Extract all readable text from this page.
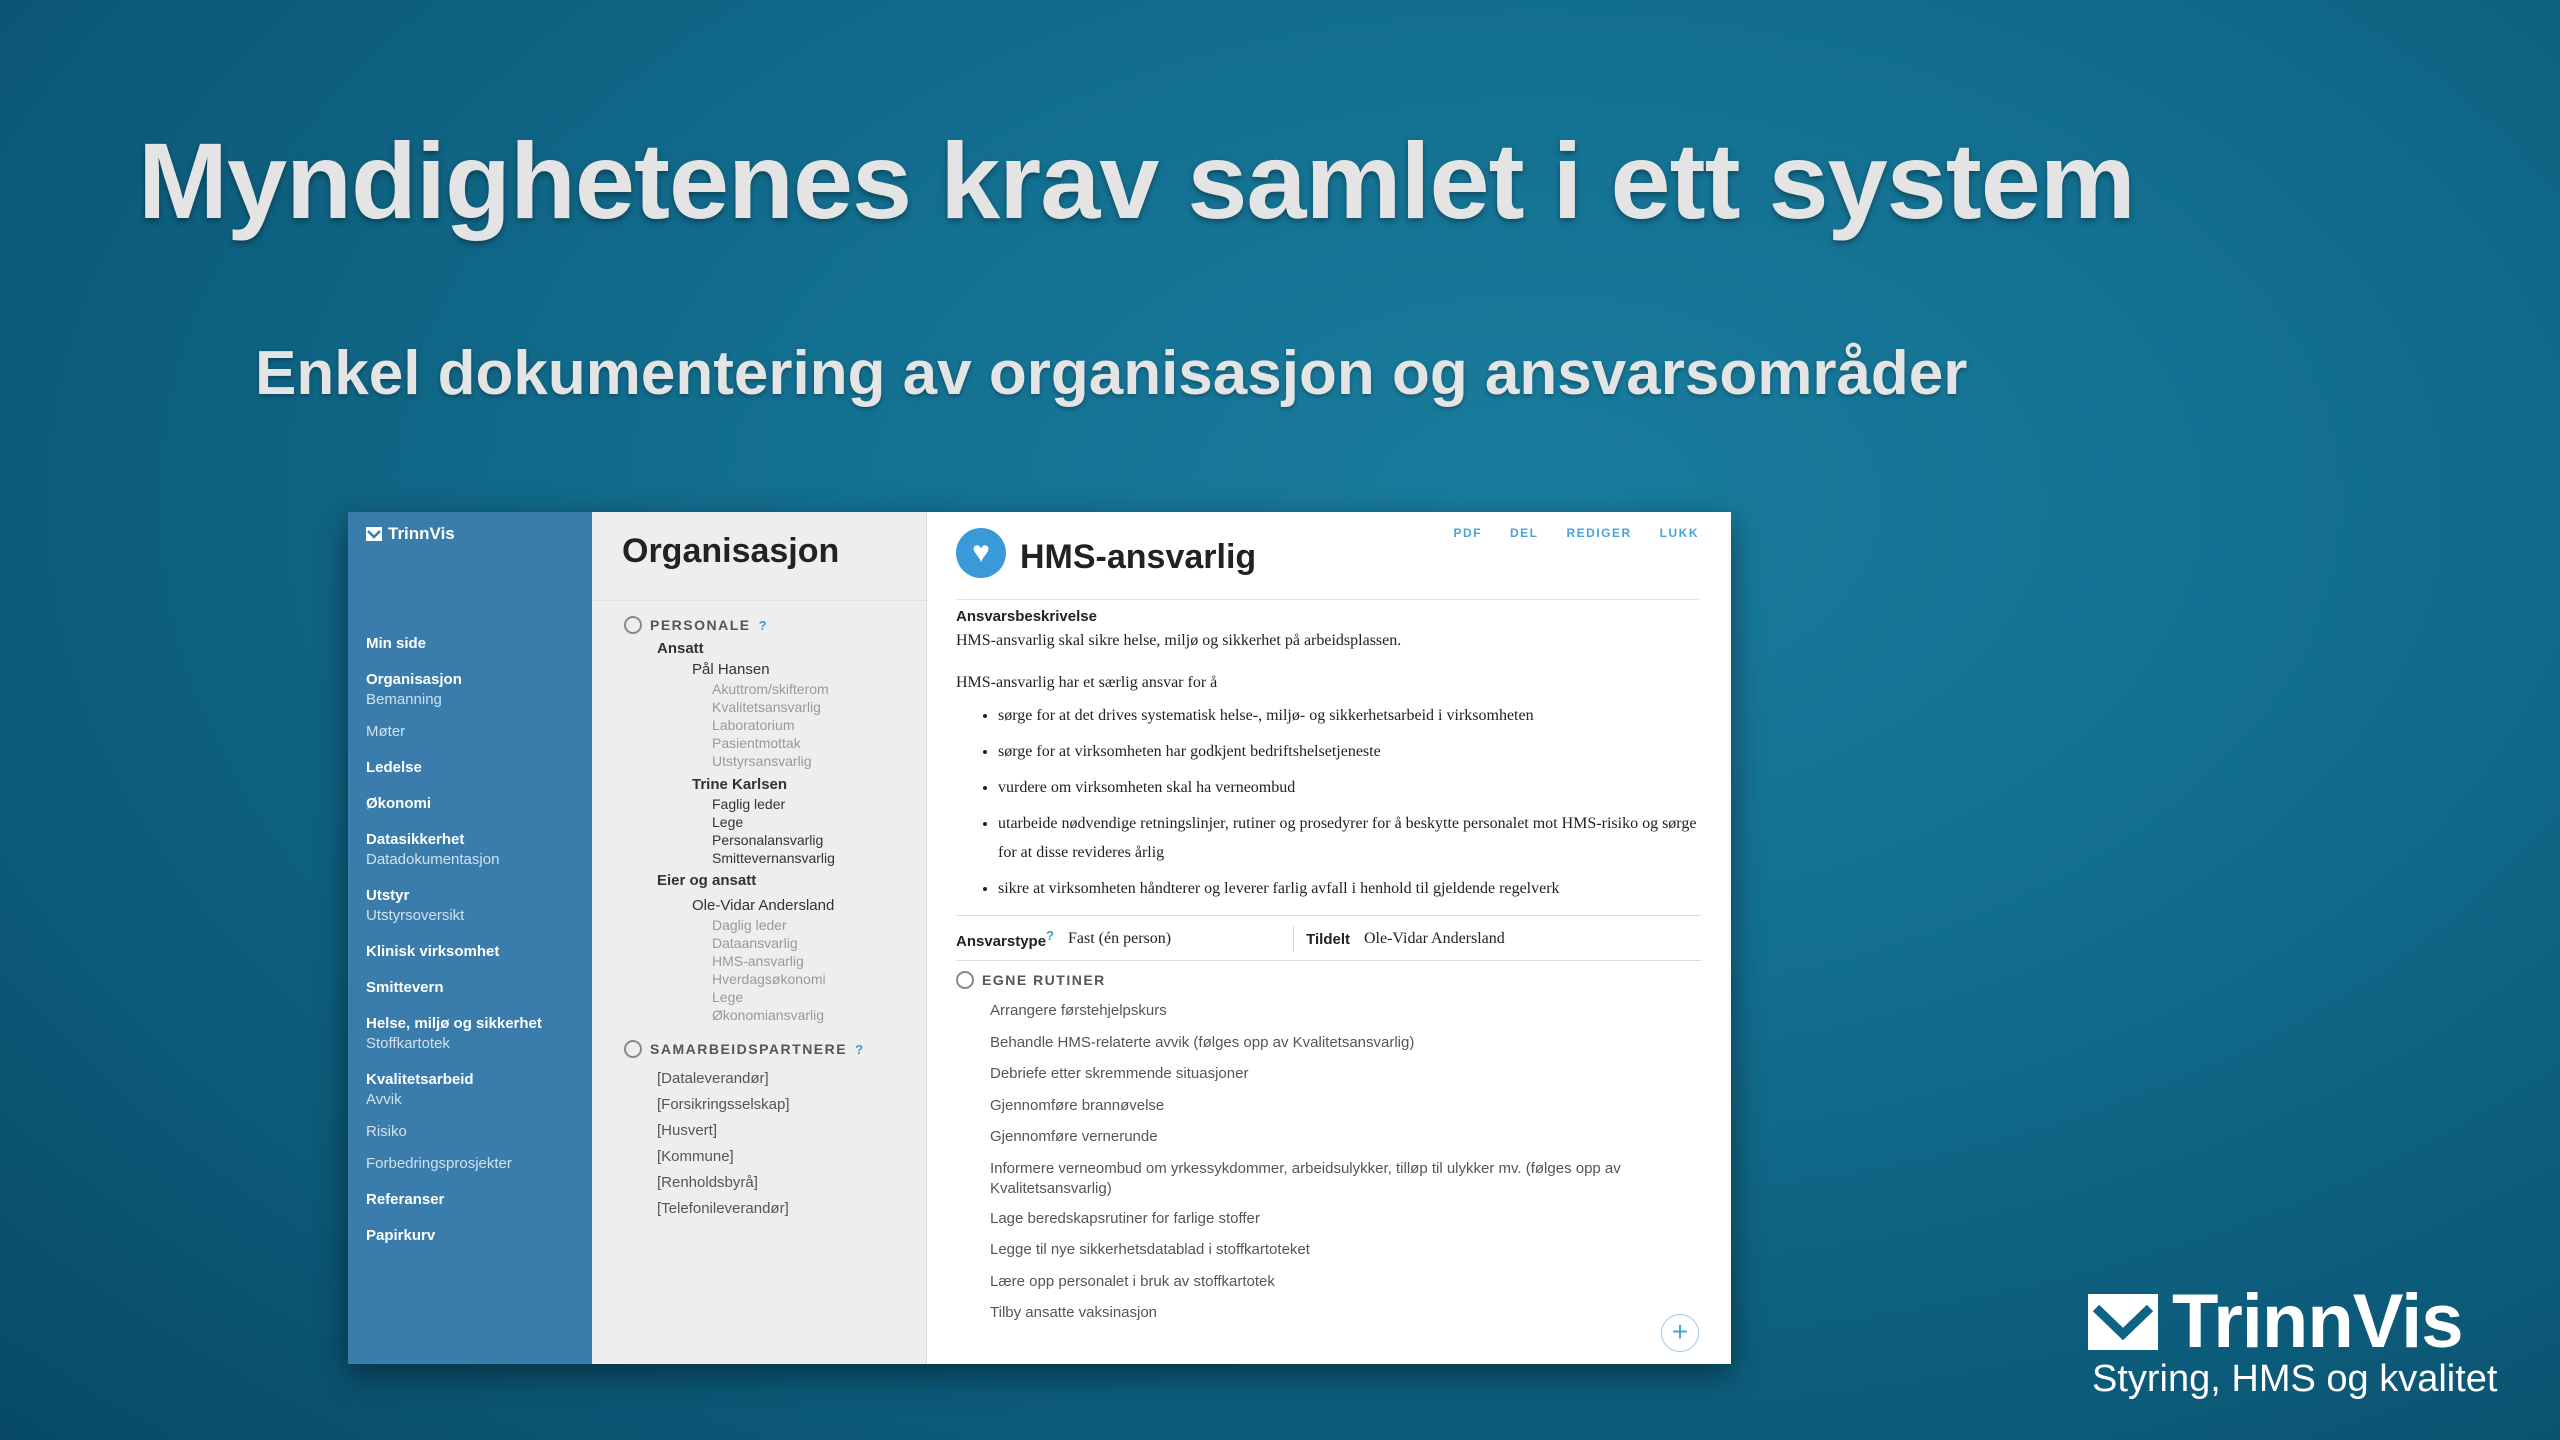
Myndighetenes krav samlet i ett system
Enkel dokumentering av organisasjon og ansvarsområder
TrinnVis
Min side
Organisasjon
Bemanning
Møter
Ledelse
Økonomi
Datasikkerhet
Datadokumentasjon
Utstyr
Utstyrsoversikt
Klinisk virksomhet
Smittevern
Helse, miljø og sikkerhet
Stoffkartotek
Kvalitetsarbeid
Avvik
Risiko
Forbedringsprosjekter
Referanser
Papirkurv
Organisasjon
PERSONALE ?
Ansatt
Pål Hansen
Akuttrom/skifterom
Kvalitetsansvarlig
Laboratorium
Pasientmottak
Utstyrsansvarlig
Trine Karlsen
Faglig leder
Lege
Personalansvarlig
Smittevernansvarlig
Eier og ansatt
Ole-Vidar Andersland
Daglig leder
Dataansvarlig
HMS-ansvarlig
Hverdagsøkonomi
Lege
Økonomiansvarlig
SAMARBEIDSPARTNERE ?
[Dataleverandør]
[Forsikringsselskap]
[Husvert]
[Kommune]
[Renholdsbyrå]
[Telefonileverandør]
PDF DEL REDIGER LUKK
♥ HMS-ansvarlig

Ansvarsbeskrivelse

HMS-ansvarlig skal sikre helse, miljø og sikkerhet på arbeidsplassen.

HMS-ansvarlig har et særlig ansvar for å

• sørge for at det drives systematisk helse-, miljø- og sikkerhetsarbeid i virksomheten
• sørge for at virksomheten har godkjent bedriftshelsetjeneste
• vurdere om virksomheten skal ha verneombud
• utarbeide nødvendige retningslinjer, rutiner og prosedyrer for å beskytte personalet mot HMS-risiko og sørge for at disse revideres årlig
• sikre at virksomheten håndterer og leverer farlig avfall i henhold til gjeldende regelverk
Ansvarstype? Fast (én person)	Tildelt Ole-Vidar Andersland
EGNE RUTINER
Arrangere førstehjelpskurs
Behandle HMS-relaterte avvik (følges opp av Kvalitetsansvarlig)
Debriefe etter skremmende situasjoner
Gjennomføre brannøvelse
Gjennomføre vernerunde
Informere verneombud om yrkessykdommer, arbeidsulykker, tilløp til ulykker mv. (følges opp av Kvalitetsansvarlig)
Lage beredskapsrutiner for farlige stoffer
Legge til nye sikkerhetsdatablad i stoffkartoteket
Lære opp personalet i bruk av stoffkartotek
Tilby ansatte vaksinasjon
+	TrinnVis
Styring, HMS og kvalitet
